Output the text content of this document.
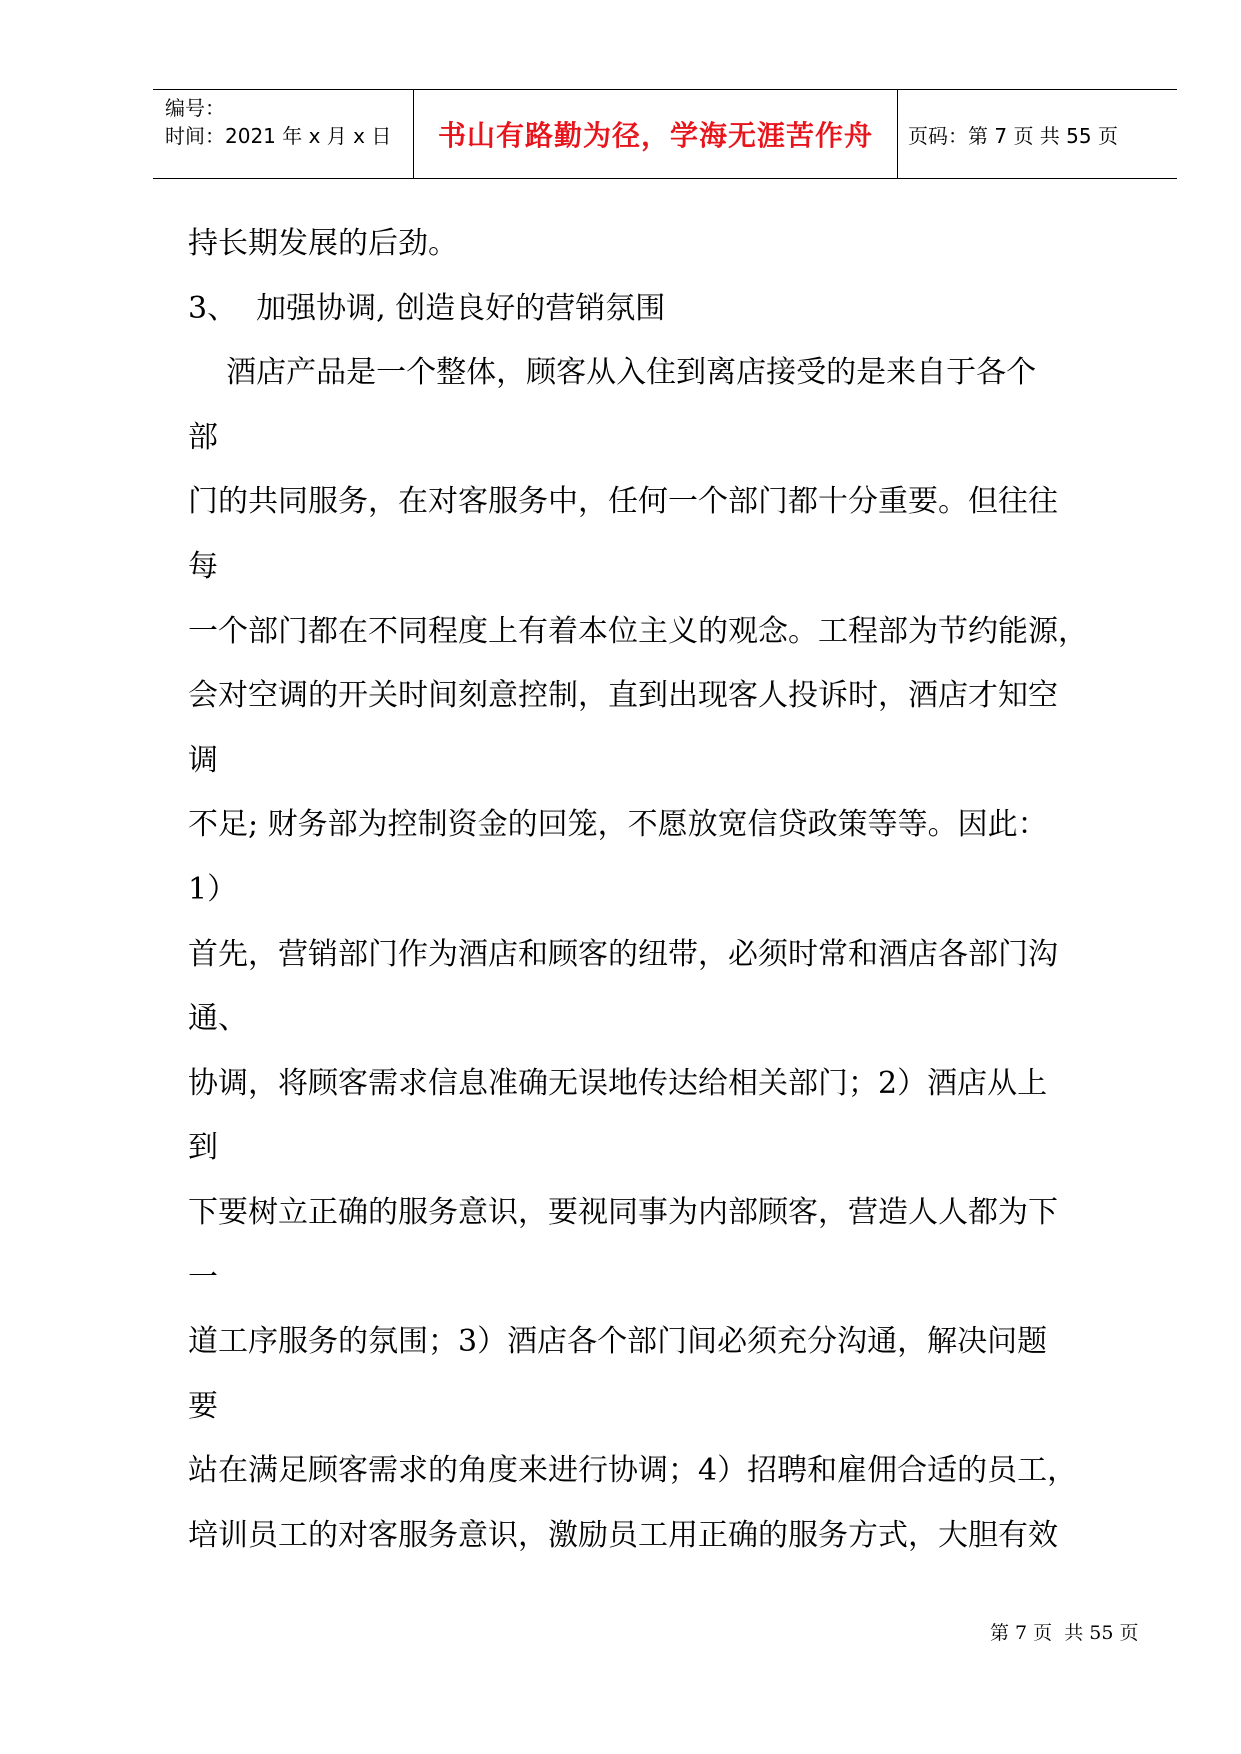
编号：
时间：2021 年 x 月 x 日	书山有路勤为径，学海无涯苦作舟	页码：第 7 页 共 55 页
持长期发展的后劲。
3、  加强协调, 创造良好的营销氛围
酒店产品是一个整体，顾客从入住到离店接受的是来自于各个
部
门的共同服务，在对客服务中，任何一个部门都十分重要。但往往
每
一个部门都在不同程度上有着本位主义的观念。工程部为节约能源，
会对空调的开关时间刻意控制，直到出现客人投诉时，酒店才知空
调
不足; 财务部为控制资金的回笼，不愿放宽信贷政策等等。因此：
1）
首先，营销部门作为酒店和顾客的纽带，必须时常和酒店各部门沟
通、
协调，将顾客需求信息准确无误地传达给相关部门；2）酒店从上
到
下要树立正确的服务意识，要视同事为内部顾客，营造人人都为下
一
道工序服务的氛围；3）酒店各个部门间必须充分沟通，解决问题
要
站在满足顾客需求的角度来进行协调；4）招聘和雇佣合适的员工，
培训员工的对客服务意识，激励员工用正确的服务方式，大胆有效
第 7 页  共 55 页
